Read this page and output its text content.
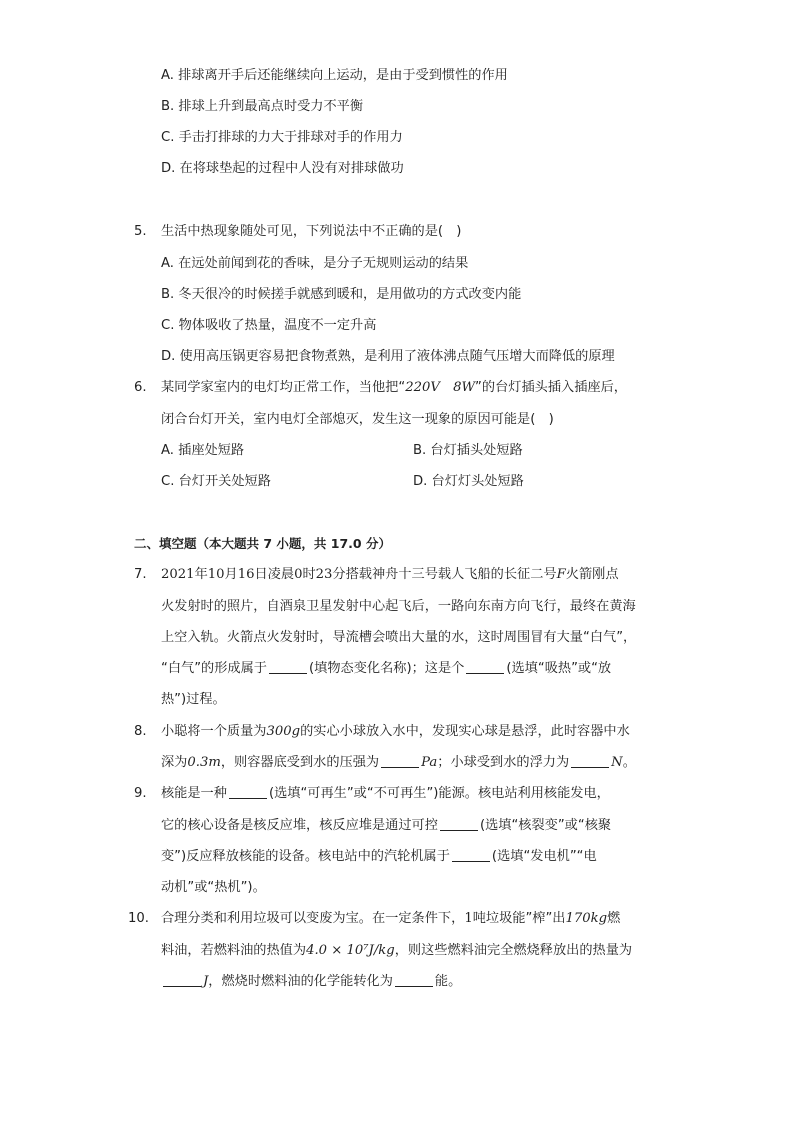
A. 排球离开手后还能继续向上运动，是由于受到惯性的作用
B. 排球上升到最高点时受力不平衡
C. 手击打排球的力大于排球对手的作用力
D. 在将球垫起的过程中人没有对排球做功
5. 生活中热现象随处可见，下列说法中不正确的是(　)
A. 在远处前闻到花的香味，是分子无规则运动的结果
B. 冬天很冷的时候搓手就感到暖和，是用做功的方式改变内能
C. 物体吸收了热量，温度不一定升高
D. 使用高压锅更容易把食物煮熟，是利用了液体沸点随气压增大而降低的原理
6. 某同学家室内的电灯均正常工作，当他把“220V　8W”的台灯插头插入插座后，
闭合台灯开关，室内电灯全部熄灭，发生这一现象的原因可能是(　)
A. 插座处短路	B. 台灯插头处短路
C. 台灯开关处短路	D. 台灯灯头处短路
二、填空题（本大题共 7 小题，共 17.0 分）
7. 2021年10月16日凌晨0时23分搭载神舟十三号载人飞船的长征二号F火箭刚点
火发射时的照片，自酒泉卫星发射中心起飞后，一路向东南方向飞行，最终在黄海
上空入轨。火箭点火发射时，导流槽会喷出大量的水，这时周围冒有大量“白气”，
“白气”的形成属于	(填物态变化名称)；这是个	(选填“吸热”或“放
热”)过程。
8. 小聪将一个质量为300g的实心小球放入水中，发现实心球是悬浮，此时容器中水
深为0.3m，则容器底受到水的压强为	Pa；小球受到水的浮力为	N。
9. 核能是一种	(选填“可再生”或“不可再生”)能源。核电站利用核能发电，
它的核心设备是核反应堆，核反应堆是通过可控	(选填“核裂变”或“核聚
变”)反应释放核能的设备。核电站中的汽轮机属于	(选填“发电机”“电
动机”或“热机”)。
10. 合理分类和利用垃圾可以变废为宝。在一定条件下，1吨垃圾能”榨”出170kg燃
料油，若燃料油的热值为4.0 × 10⁷J/kg，则这些燃料油完全燃烧释放出的热量为
J，燃烧时燃料油的化学能转化为	能。
